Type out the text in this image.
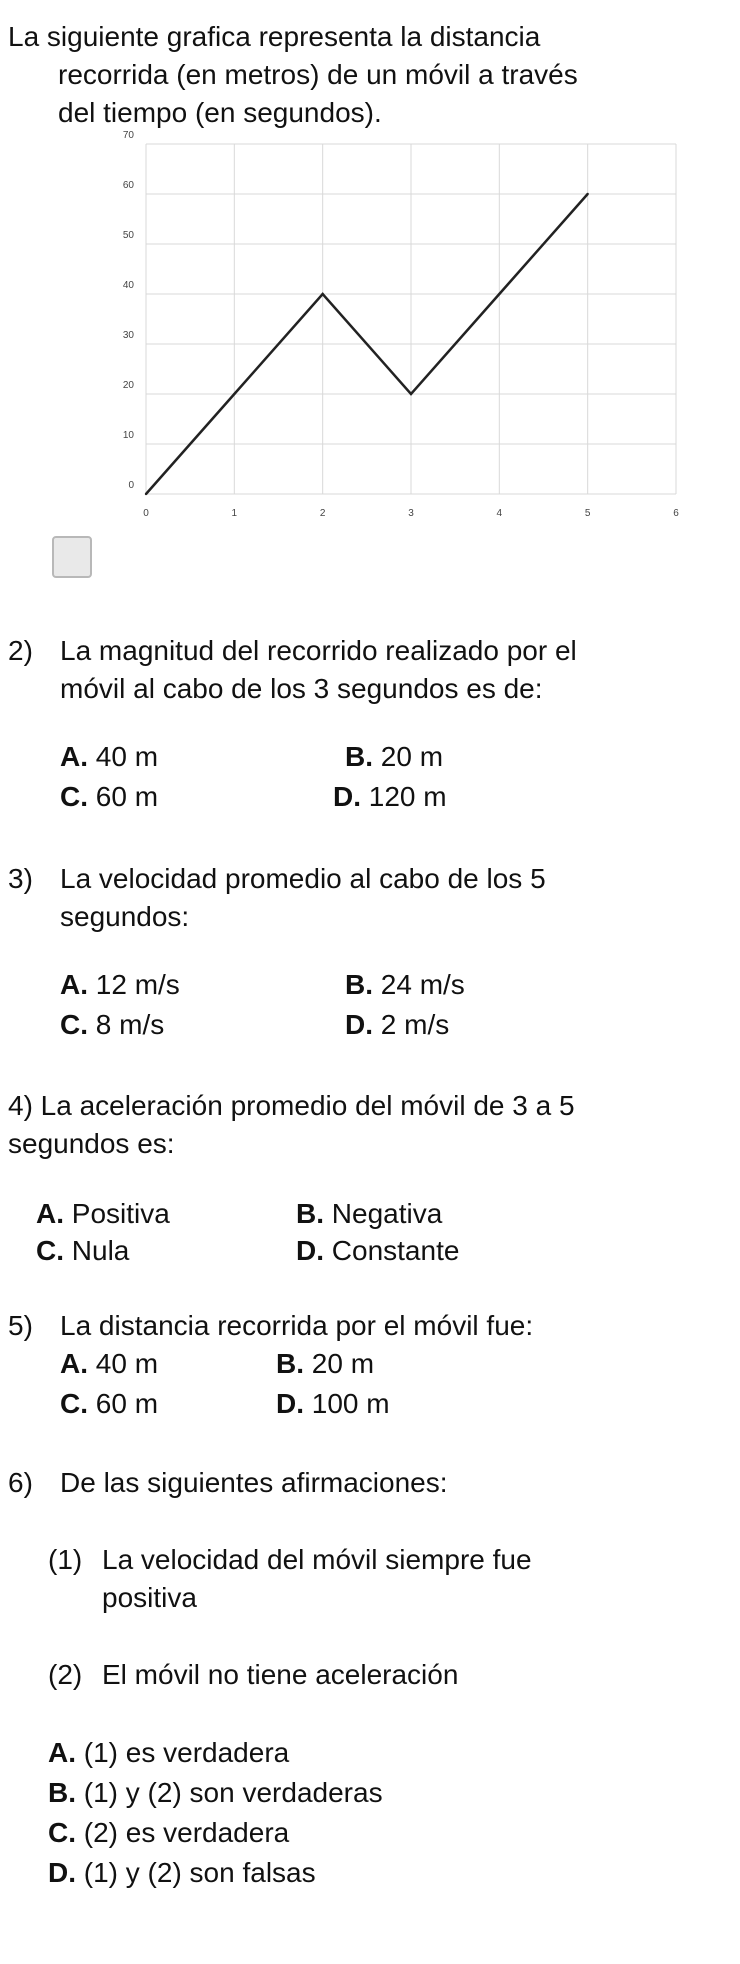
La siguiente grafica representa la distancia
recorrida (en metros) de un móvil a través
del tiempo (en segundos).
0
10
20
30
40
50
60
70
0	1	2	3	4	5	6
2) La magnitud del recorrido realizado por el
móvil al cabo de los 3 segundos es de:
A. 40 m	B. 20 m
C. 60 m	D. 120 m
3) La velocidad promedio al cabo de los 5
segundos:
A. 12 m/s	B. 24 m/s
C. 8 m/s	D. 2 m/s
4) La aceleración promedio del móvil de 3 a 5
segundos es:
A. Positiva	B. Negativa
C. Nula	D. Constante
5) La distancia recorrida por el móvil fue:
A. 40 m	B. 20 m
C. 60 m	D. 100 m
6) De las siguientes afirmaciones:
(1) La velocidad del móvil siempre fue
positiva
(2) El móvil no tiene aceleración
A. (1) es verdadera
B. (1) y (2) son verdaderas
C. (2) es verdadera
D. (1) y (2) son falsas
